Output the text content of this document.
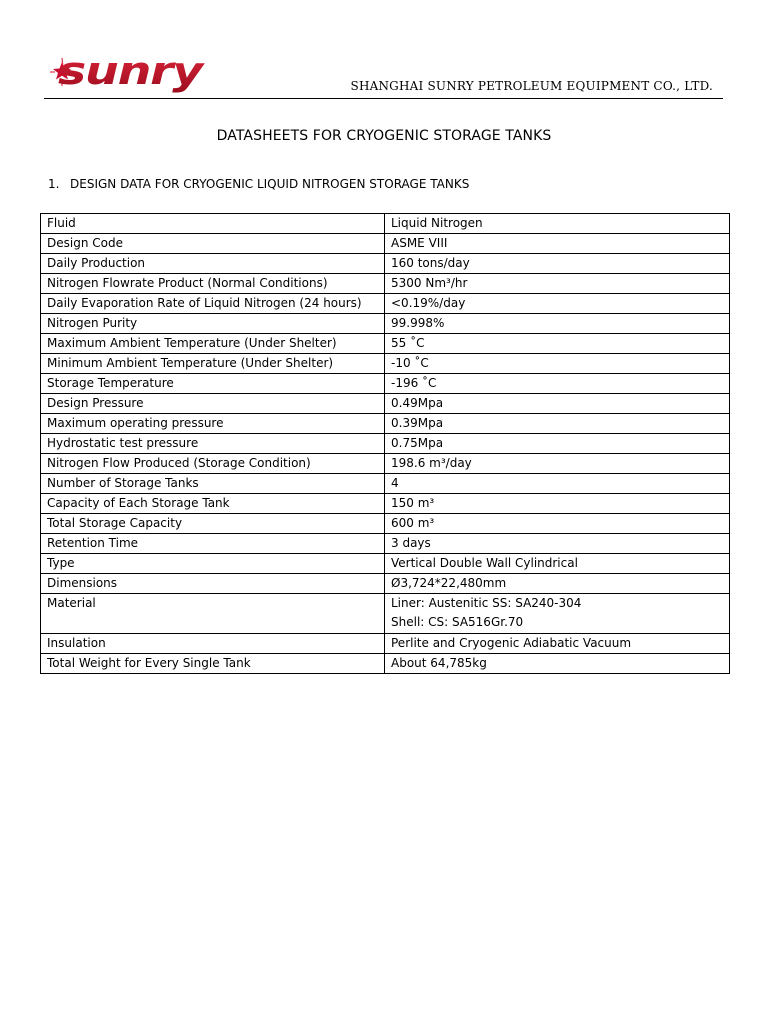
sunry	SHANGHAI SUNRY PETROLEUM EQUIPMENT CO., LTD.
DATASHEETS FOR CRYOGENIC STORAGE TANKS
1. DESIGN DATA FOR CRYOGENIC LIQUID NITROGEN STORAGE TANKS
Fluid	Liquid Nitrogen
Design Code	ASME VIII
Daily Production	160 tons/day
Nitrogen Flowrate Product (Normal Conditions)	5300 Nm³/hr
Daily Evaporation Rate of Liquid Nitrogen (24 hours)	<0.19%/day
Nitrogen Purity	99.998%
Maximum Ambient Temperature (Under Shelter)	55 ˚C
Minimum Ambient Temperature (Under Shelter)	-10 ˚C
Storage Temperature	-196 ˚C
Design Pressure	0.49Mpa
Maximum operating pressure	0.39Mpa
Hydrostatic test pressure	0.75Mpa
Nitrogen Flow Produced (Storage Condition)	198.6 m³/day
Number of Storage Tanks	4
Capacity of Each Storage Tank	150 m³
Total Storage Capacity	600 m³
Retention Time	3 days
Type	Vertical Double Wall Cylindrical
Dimensions	Ø3,724*22,480mm
Material	Liner: Austenitic SS: SA240-304
Shell: CS: SA516Gr.70

Insulation	Perlite and Cryogenic Adiabatic Vacuum
Total Weight for Every Single Tank	About 64,785kg
